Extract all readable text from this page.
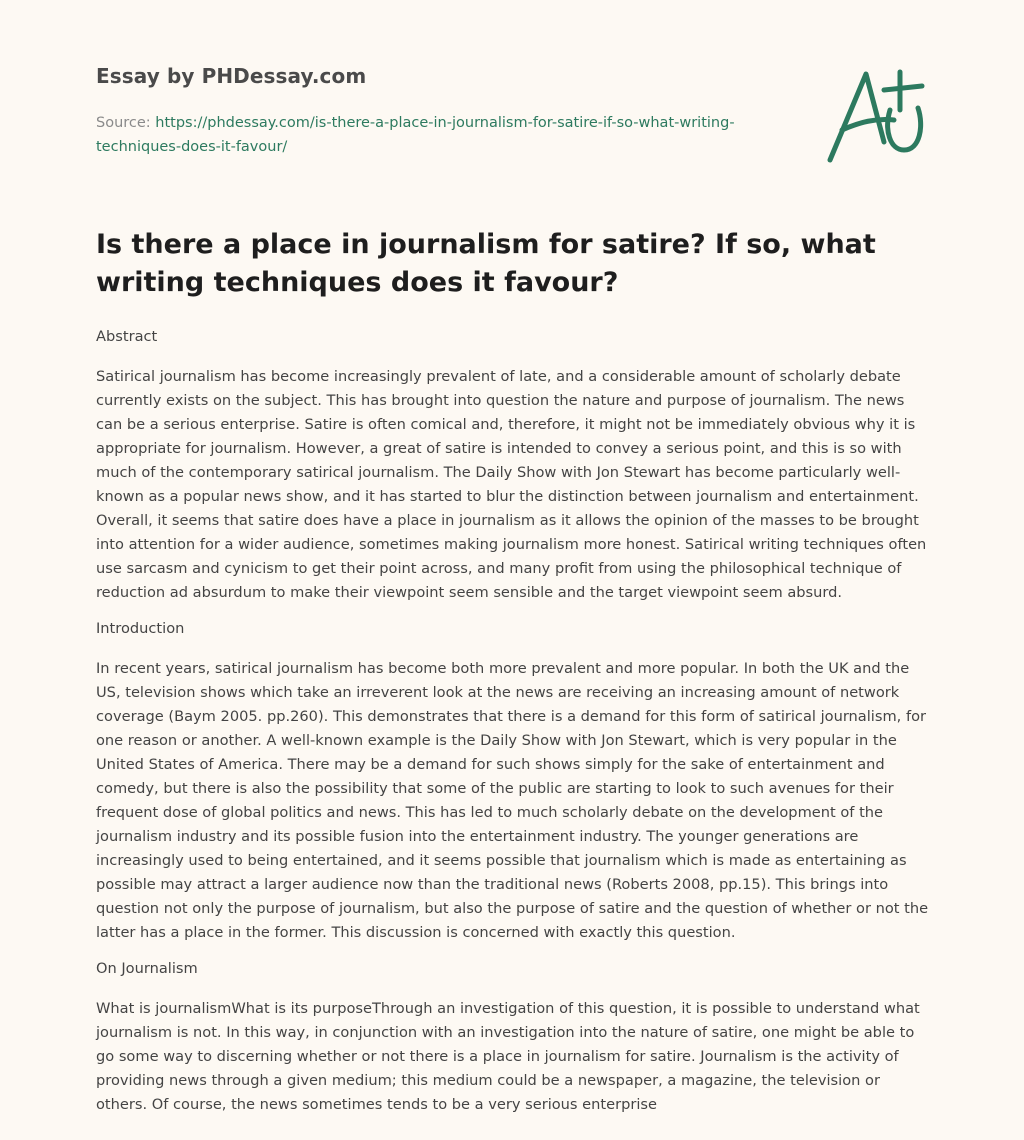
Essay by PHDessay.com
Source: https://phdessay.com/is-there-a-place-in-journalism-for-satire-if-so-what-writing-techniques-does-it-favour/
Is there a place in journalism for satire? If so, what writing techniques does it favour?
Abstract

Satirical journalism has become increasingly prevalent of late, and a considerable amount of scholarly debate currently exists on the subject. This has brought into question the nature and purpose of journalism. The news can be a serious enterprise. Satire is often comical and, therefore, it might not be immediately obvious why it is appropriate for journalism. However, a great of satire is intended to convey a serious point, and this is so with much of the contemporary satirical journalism. The Daily Show with Jon Stewart has become particularly well-known as a popular news show, and it has started to blur the distinction between journalism and entertainment. Overall, it seems that satire does have a place in journalism as it allows the opinion of the masses to be brought into attention for a wider audience, sometimes making journalism more honest. Satirical writing techniques often use sarcasm and cynicism to get their point across, and many profit from using the philosophical technique of reduction ad absurdum to make their viewpoint seem sensible and the target viewpoint seem absurd.

Introduction

In recent years, satirical journalism has become both more prevalent and more popular. In both the UK and the US, television shows which take an irreverent look at the news are receiving an increasing amount of network coverage (Baym 2005. pp.260). This demonstrates that there is a demand for this form of satirical journalism, for one reason or another. A well-known example is the Daily Show with Jon Stewart, which is very popular in the United States of America. There may be a demand for such shows simply for the sake of entertainment and comedy, but there is also the possibility that some of the public are starting to look to such avenues for their frequent dose of global politics and news. This has led to much scholarly debate on the development of the journalism industry and its possible fusion into the entertainment industry. The younger generations are increasingly used to being entertained, and it seems possible that journalism which is made as entertaining as possible may attract a larger audience now than the traditional news (Roberts 2008, pp.15). This brings into question not only the purpose of journalism, but also the purpose of satire and the question of whether or not the latter has a place in the former. This discussion is concerned with exactly this question.

On Journalism

What is journalismWhat is its purposeThrough an investigation of this question, it is possible to understand what journalism is not. In this way, in conjunction with an investigation into the nature of satire, one might be able to go some way to discerning whether or not there is a place in journalism for satire. Journalism is the activity of providing news through a given medium; this medium could be a newspaper, a magazine, the television or others. Of course, the news sometimes tends to be a very serious enterprise
